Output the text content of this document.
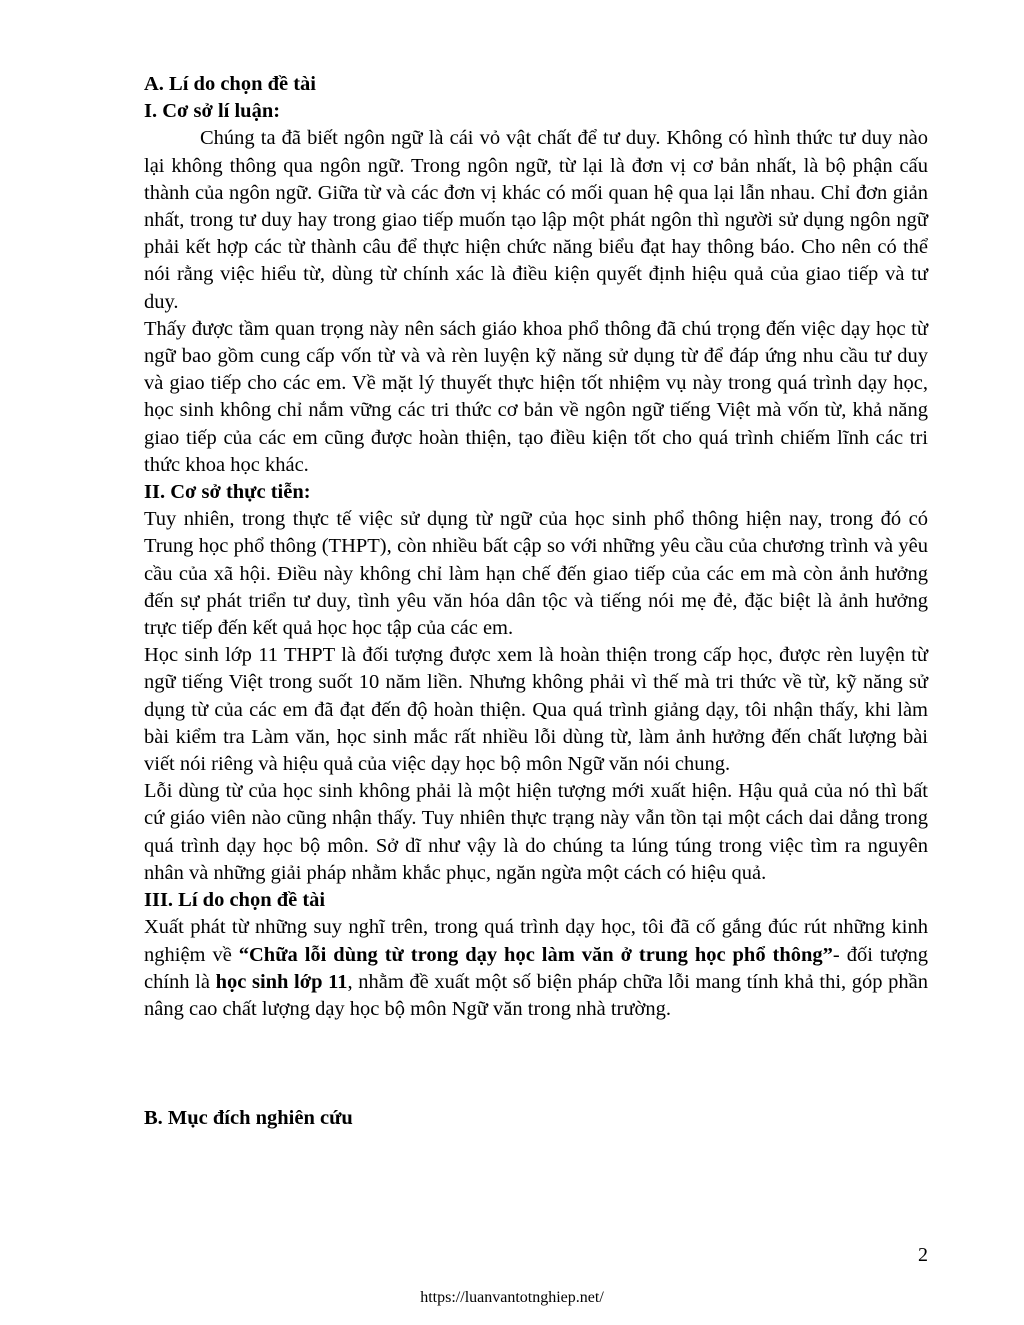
A. Lí do chọn đề tài

I. Cơ sở lí luận:

Chúng ta đã biết ngôn ngữ là cái vỏ vật chất để tư duy. Không có hình thức tư duy nào lại không thông qua ngôn ngữ. Trong ngôn ngữ, từ lại là đơn vị cơ bản nhất, là bộ phận cấu thành của ngôn ngữ. Giữa từ và các đơn vị khác có mối quan hệ qua lại lẫn nhau. Chỉ đơn giản nhất, trong tư duy hay trong giao tiếp muốn tạo lập một phát ngôn thì người sử dụng ngôn ngữ phải kết hợp các từ thành câu để thực hiện chức năng biểu đạt hay thông báo. Cho nên có thể nói rằng việc hiểu từ, dùng từ chính xác là điều kiện quyết định hiệu quả của giao tiếp và tư duy.

Thấy được tầm quan trọng này nên sách giáo khoa phổ thông đã chú trọng đến việc dạy học từ ngữ bao gồm cung cấp vốn từ và và rèn luyện kỹ năng sử dụng từ để đáp ứng nhu cầu tư duy và giao tiếp cho các em. Về mặt lý thuyết thực hiện tốt nhiệm vụ này trong quá trình dạy học, học sinh không chỉ nắm vững các tri thức cơ bản về ngôn ngữ tiếng Việt mà vốn từ, khả năng giao tiếp của các em cũng được hoàn thiện, tạo điều kiện tốt cho quá trình chiếm lĩnh các tri thức khoa học khác.

II. Cơ sở thực tiễn:

Tuy nhiên, trong thực tế việc sử dụng từ ngữ của học sinh phổ thông hiện nay, trong đó có Trung học phổ thông (THPT), còn nhiều bất cập so với những yêu cầu của chương trình và yêu cầu của xã hội. Điều này không chỉ làm hạn chế đến giao tiếp của các em mà còn ảnh hưởng đến sự phát triển tư duy, tình yêu văn hóa dân tộc và tiếng nói mẹ đẻ, đặc biệt là ảnh hưởng trực tiếp đến kết quả học học tập của các em.

Học sinh lớp 11 THPT là đối tượng được xem là hoàn thiện trong cấp học, được rèn luyện từ ngữ tiếng Việt trong suốt 10 năm liền. Nhưng không phải vì thế mà tri thức về từ, kỹ năng sử dụng từ của các em đã đạt đến độ hoàn thiện. Qua quá trình giảng dạy, tôi nhận thấy, khi làm bài kiểm tra Làm văn, học sinh mắc rất nhiều lỗi dùng từ, làm ảnh hưởng đến chất lượng bài viết nói riêng và hiệu quả của việc dạy học bộ môn Ngữ văn nói chung.

Lỗi dùng từ của học sinh không phải là một hiện tượng mới xuất hiện. Hậu quả của nó thì bất cứ giáo viên nào cũng nhận thấy. Tuy nhiên thực trạng này vẫn tồn tại một cách dai dẳng trong quá trình dạy học bộ môn. Sở dĩ như vậy là do chúng ta lúng túng trong việc tìm ra nguyên nhân và những giải pháp nhằm khắc phục, ngăn ngừa một cách có hiệu quả.

III. Lí do chọn đề tài

Xuất phát từ những suy nghĩ trên, trong quá trình dạy học, tôi đã cố gắng đúc rút những kinh nghiệm về “Chữa lỗi dùng từ trong dạy học làm văn ở trung học phổ thông”- đối tượng chính là học sinh lớp 11, nhằm đề xuất một số biện pháp chữa lỗi mang tính khả thi, góp phần nâng cao chất lượng dạy học bộ môn Ngữ văn trong nhà trường.

B. Mục đích nghiên cứu

2
https://luanvantotnghiep.net/
